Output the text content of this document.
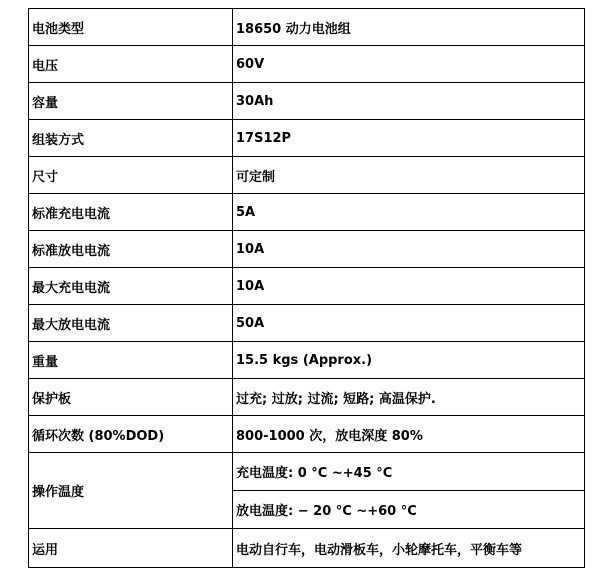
电池类型	18650 动力电池组
电压	60V
容量	30Ah
组装方式	17S12P
尺寸	可定制
标准充电电流	5A
标准放电电流	10A
最大充电电流	10A
最大放电电流	50A
重量	15.5 kgs (Approx.)
保护板	过充; 过放; 过流; 短路; 高温保护.
循环次数 (80%DOD)	800-1000 次，放电深度 80%
操作温度	充电温度: 0 °C ~+45 °C
	放电温度: − 20 °C ~+60 °C
运用	电动自行车，电动滑板车，小轮摩托车，平衡车等
